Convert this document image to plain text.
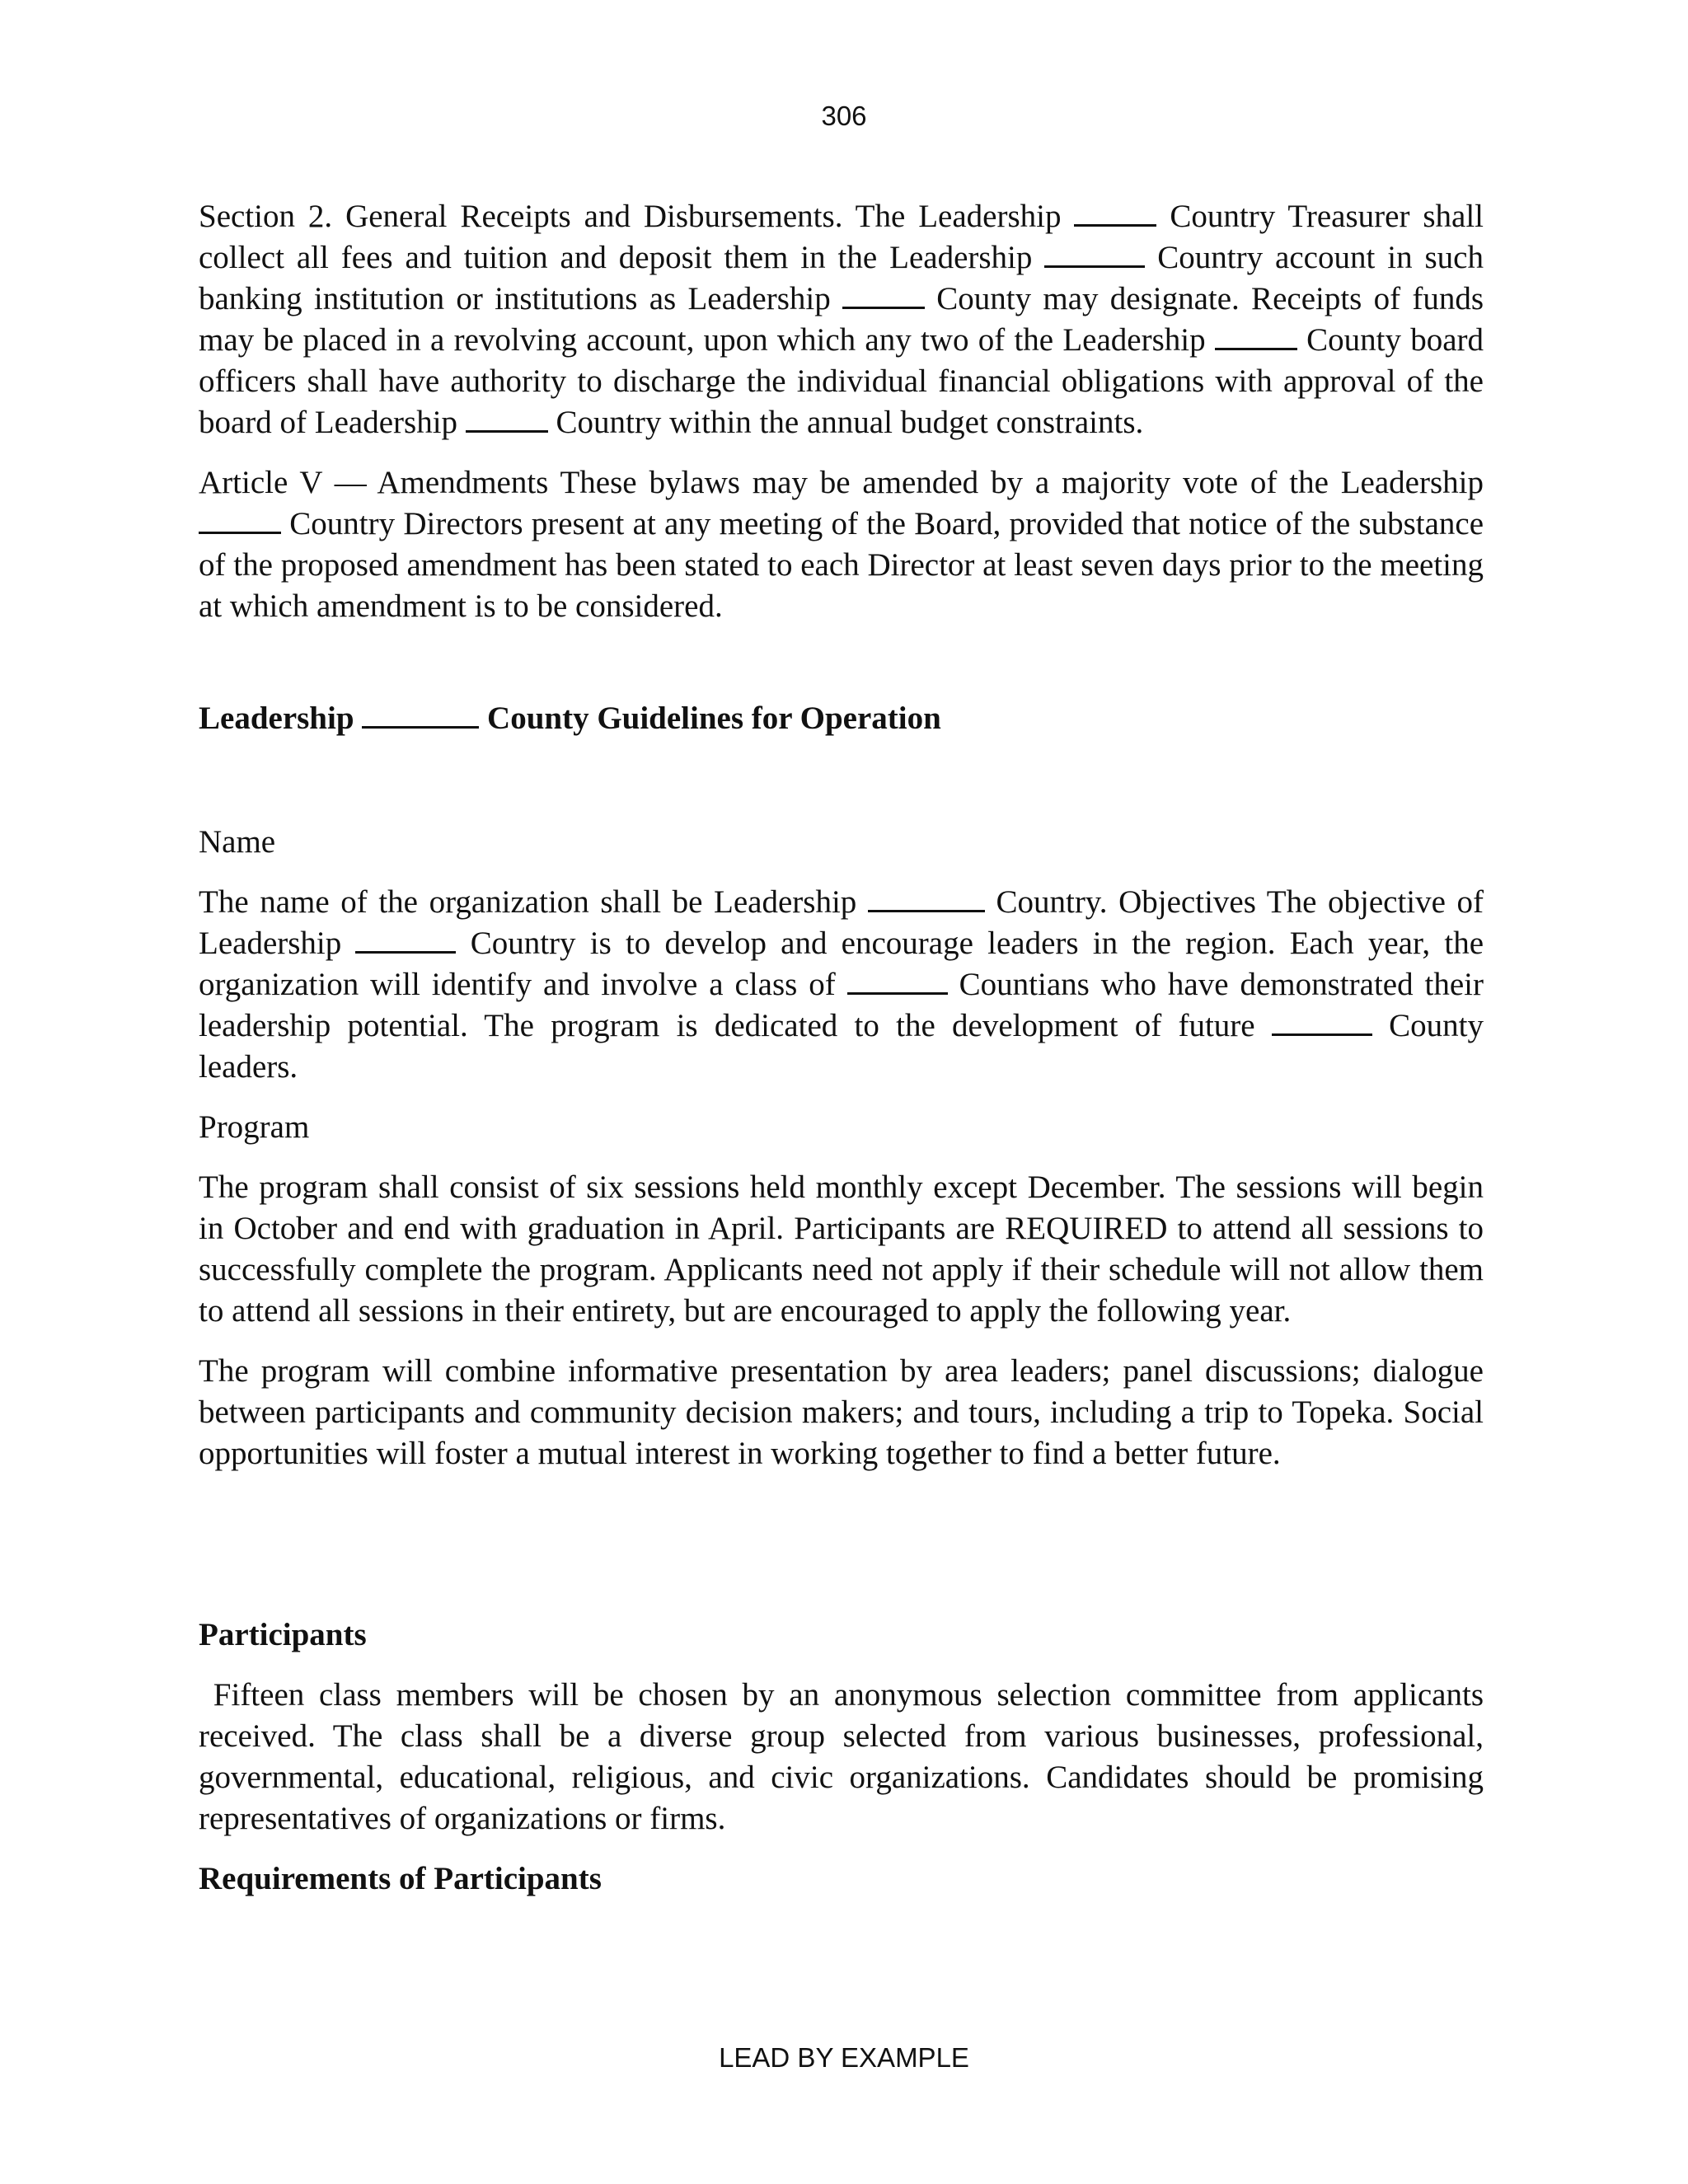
306

Section 2. General Receipts and Disbursements. The Leadership	Country Treasurer shall collect all fees and tuition and deposit them in the Leadership	Country account in such banking institution or institutions as Leadership	County may designate. Receipts of funds may be placed in a revolving account, upon which any two of the Leadership	County board officers shall have authority to discharge the individual financial obligations with approval of the board of Leadership	Country within the annual budget constraints.

Article V — Amendments These bylaws may be amended by a majority vote of the Leadership  Country Directors present at any meeting of the Board, provided that notice of the substance of the proposed amendment has been stated to each Director at least seven days prior to the meeting at which amendment is to be considered.

Leadership	County Guidelines for Operation

Name

The name of the organization shall be Leadership	Country. Objectives The objective of Leadership	Country is to develop and encourage leaders in the region. Each year, the organization will identify and involve a class of	Countians who have demonstrated their leadership potential. The program is dedicated to the development of future	County leaders.

Program

The program shall consist of six sessions held monthly except December. The sessions will begin in October and end with graduation in April. Participants are REQUIRED to attend all sessions to successfully complete the program. Applicants need not apply if their schedule will not allow them to attend all sessions in their entirety, but are encouraged to apply the following year.

The program will combine informative presentation by area leaders; panel discussions; dialogue between participants and community decision makers; and tours, including a trip to Topeka. Social opportunities will foster a mutual interest in working together to find a better future.

Participants

Fifteen class members will be chosen by an anonymous selection committee from applicants received. The class shall be a diverse group selected from various businesses, professional, governmental, educational, religious, and civic organizations. Candidates should be promising representatives of organizations or firms.

Requirements of Participants

LEAD BY EXAMPLE
